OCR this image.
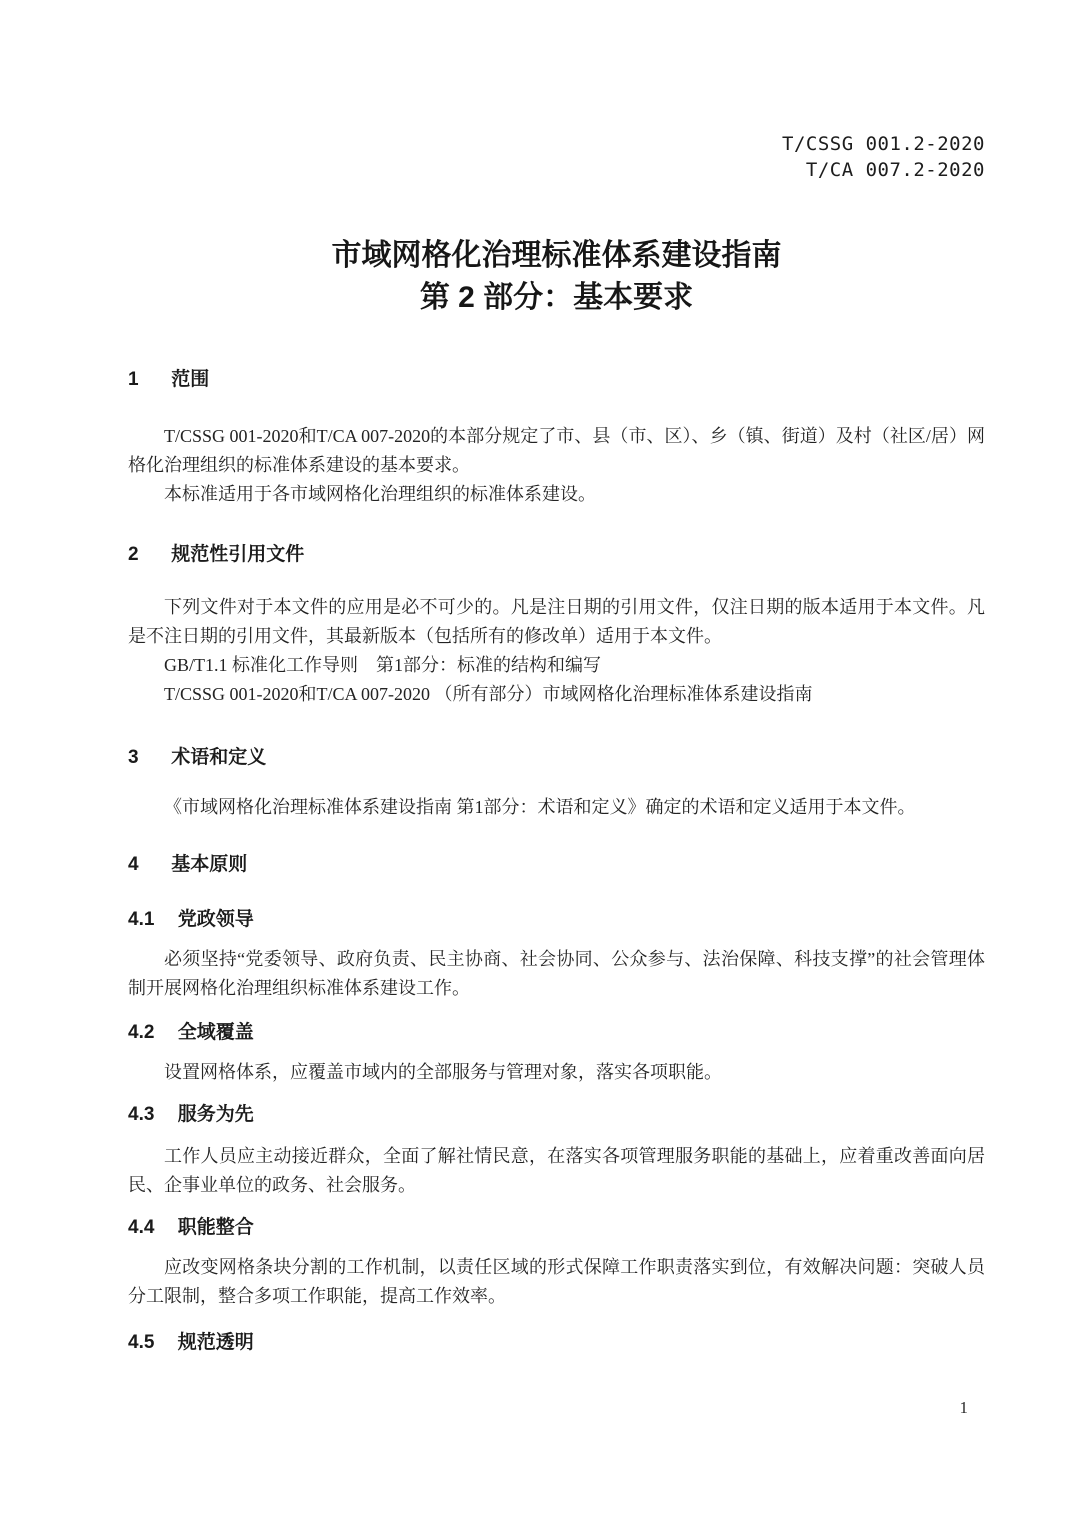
T/CSSG 001.2-2020
T/CA 007.2-2020
市域网格化治理标准体系建设指南
第 2 部分：基本要求
1 范围

T/CSSG 001-2020和T/CA 007-2020的本部分规定了市、县（市、区）、乡（镇、街道）及村（社区/居）网格化治理组织的标准体系建设的基本要求。

本标准适用于各市域网格化治理组织的标准体系建设。

2 规范性引用文件

下列文件对于本文件的应用是必不可少的。凡是注日期的引用文件，仅注日期的版本适用于本文件。凡是不注日期的引用文件，其最新版本（包括所有的修改单）适用于本文件。

GB/T1.1 标准化工作导则　第1部分：标准的结构和编写

T/CSSG 001-2020和T/CA 007-2020 （所有部分）市域网格化治理标准体系建设指南

3 术语和定义

《市域网格化治理标准体系建设指南 第1部分：术语和定义》确定的术语和定义适用于本文件。

4 基本原则
4.1 党政领导

必须坚持“党委领导、政府负责、民主协商、社会协同、公众参与、法治保障、科技支撑”的社会管理体制开展网格化治理组织标准体系建设工作。

4.2 全域覆盖

设置网格体系，应覆盖市域内的全部服务与管理对象，落实各项职能。

4.3 服务为先

工作人员应主动接近群众，全面了解社情民意，在落实各项管理服务职能的基础上，应着重改善面向居民、企事业单位的政务、社会服务。

4.4 职能整合

应改变网格条块分割的工作机制，以责任区域的形式保障工作职责落实到位，有效解决问题：突破人员分工限制，整合多项工作职能，提高工作效率。

4.5 规范透明
1
